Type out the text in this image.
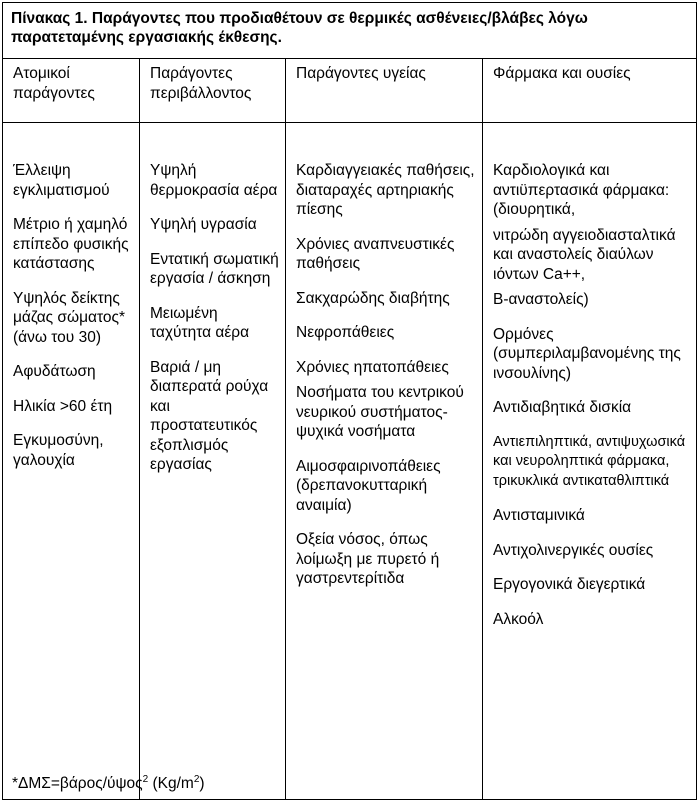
Πίνακας 1. Παράγοντες που προδιαθέτουν σε θερμικές ασθένειες/βλάβες λόγω παρατεταμένης εργασιακής έκθεσης.
Ατομικοί παράγοντες
Έλλειψη εγκλιματισμού
Μέτριο ή χαμηλό επίπεδο φυσικής κατάστασης
Υψηλός δείκτης μάζας σώματος* (άνω του 30)
Αφυδάτωση
Ηλικία >60 έτη
Εγκυμοσύνη, γαλουχία
Παράγοντες περιβάλλοντος
Υψηλή θερμοκρασία αέρα
Υψηλή υγρασία
Εντατική σωματική εργασία / άσκηση
Μειωμένη ταχύτητα αέρα
Βαριά / μη διαπερατά ρούχα και προστατευτικός εξοπλισμός εργασίας
Παράγοντες υγείας
Καρδιαγγειακές παθήσεις, διαταραχές αρτηριακής πίεσης
Χρόνιες αναπνευστικές παθήσεις
Σακχαρώδης διαβήτης
Νεφροπάθειες
Χρόνιες ηπατοπάθειες
Νοσήματα του κεντρικού νευρικού συστήματος-ψυχικά νοσήματα
Αιμοσφαιρινοπάθειες (δρεπανοκυτταρική αναιμία)
Οξεία νόσος, όπως λοίμωξη με πυρετό ή γαστρεντερίτιδα
Φάρμακα και ουσίες
Καρδιολογικά και αντιϋπερτασικά φάρμακα: (διουρητικά,
νιτρώδη αγγειοδιασταλτικά και αναστολείς διαύλων ιόντων Ca++,
Β-αναστολείς)
Ορμόνες (συμπεριλαμβανομένης της ινσουλίνης)
Αντιδιαβητικά δισκία
Αντιεπιληπτικά, αντιψυχωσικά και νευροληπτικά φάρμακα, τρικυκλικά αντικαταθλιπτικά
Αντισταμινικά
Αντιχολινεργικές ουσίες
Εργογονικά διεγερτικά
Αλκοόλ
*ΔΜΣ=βάρος/ύψος$^2$ $(Kg/m^2)$
